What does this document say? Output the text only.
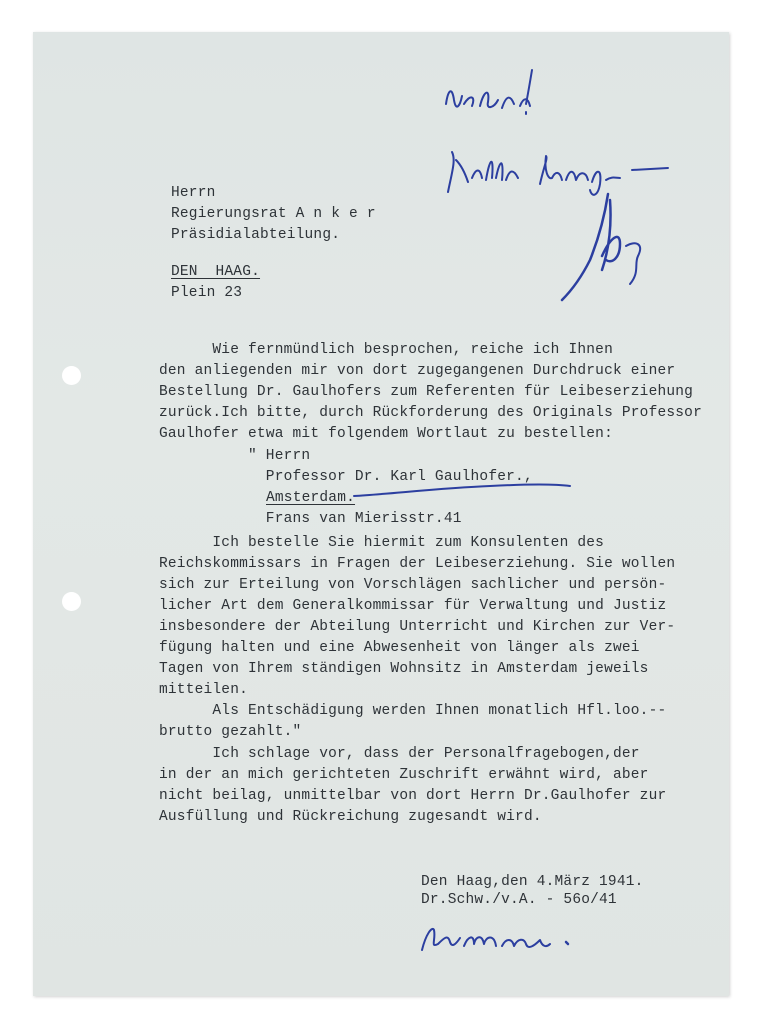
Herrn
Regierungsrat A n k e r
Präsidialabteilung.
DEN  HAAG.
Plein 23
Wie fernmündlich besprochen, reiche ich Ihnen
den anliegenden mir von dort zugegangenen Durchdruck einer
Bestellung Dr. Gaulhofers zum Referenten für Leibeserziehung
zurück.Ich bitte, durch Rückforderung des Originals Professor
Gaulhofer etwa mit folgendem Wortlaut zu bestellen:
" Herrn
Professor Dr. Karl Gaulhofer.,
Amsterdam.
Frans van Mierisstr.41
Ich bestelle Sie hiermit zum Konsulenten des
Reichskommissars in Fragen der Leibeserziehung. Sie wollen
sich zur Erteilung von Vorschlägen sachlicher und persön-
licher Art dem Generalkommissar für Verwaltung und Justiz
insbesondere der Abteilung Unterricht und Kirchen zur Ver-
fügung halten und eine Abwesenheit von länger als zwei
Tagen von Ihrem ständigen Wohnsitz in Amsterdam jeweils
mitteilen.
Als Entschädigung werden Ihnen monatlich Hfl.loo.--
brutto gezahlt."
Ich schlage vor, dass der Personalfragebogen,der
in der an mich gerichteten Zuschrift erwähnt wird, aber
nicht beilag, unmittelbar von dort Herrn Dr.Gaulhofer zur
Ausfüllung und Rückreichung zugesandt wird.
Den Haag,den 4.März 1941.
Dr.Schw./v.A. - 56o/41
